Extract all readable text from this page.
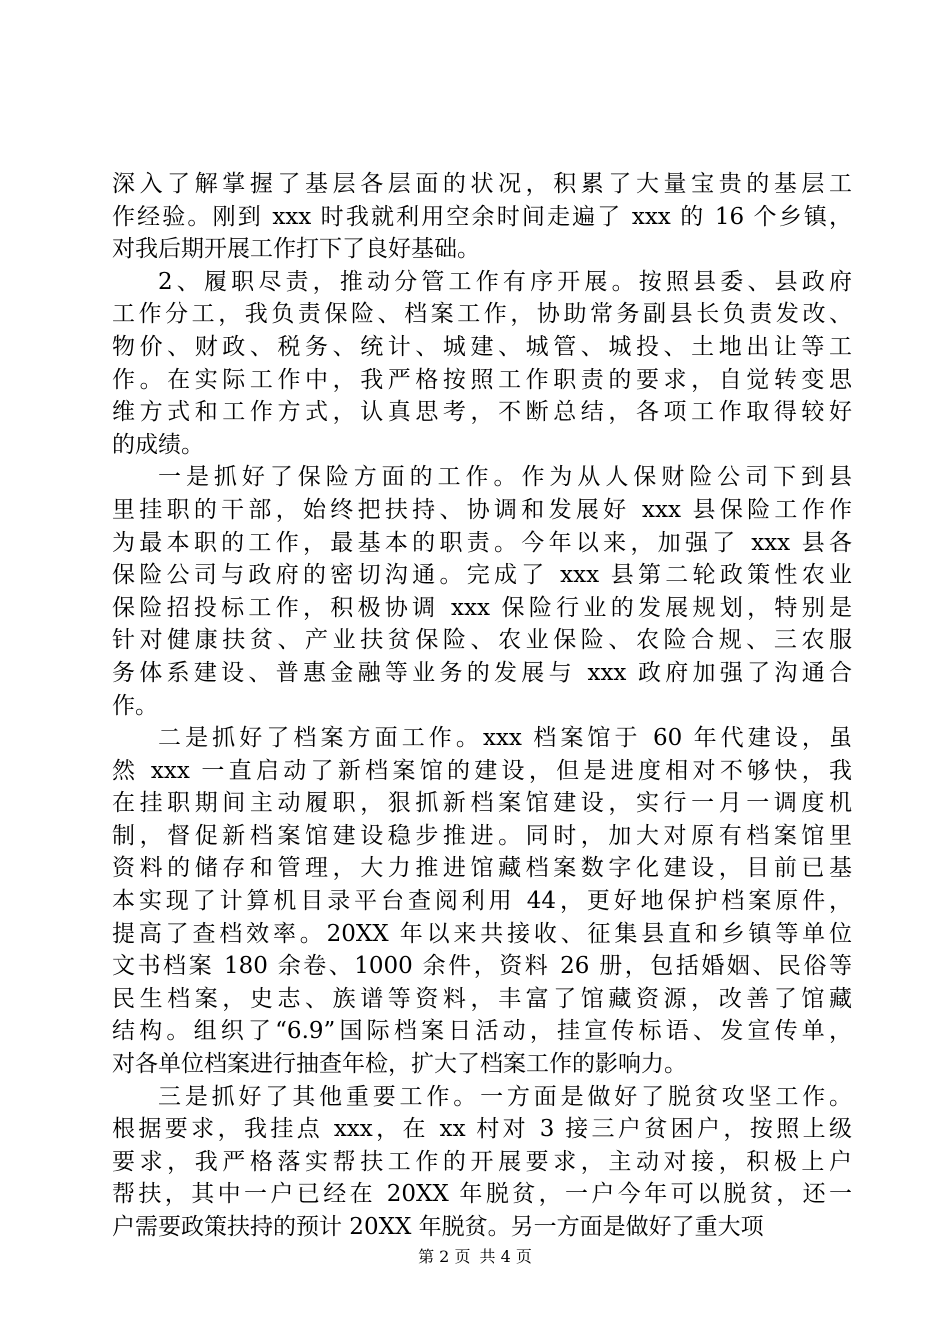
深入了解掌握了基层各层面的状况，积累了大量宝贵的基层工
作经验。刚到 xxx 时我就利用空余时间走遍了 xxx 的 16 个乡镇，
对我后期开展工作打下了良好基础。
2、履职尽责，推动分管工作有序开展。按照县委、县政府
工作分工，我负责保险、档案工作，协助常务副县长负责发改、
物价、财政、税务、统计、城建、城管、城投、土地出让等工
作。在实际工作中，我严格按照工作职责的要求，自觉转变思
维方式和工作方式，认真思考，不断总结，各项工作取得较好
的成绩。
一是抓好了保险方面的工作。作为从人保财险公司下到县
里挂职的干部，始终把扶持、协调和发展好 xxx 县保险工作作
为最本职的工作，最基本的职责。今年以来，加强了 xxx 县各
保险公司与政府的密切沟通。完成了 xxx 县第二轮政策性农业
保险招投标工作，积极协调 xxx 保险行业的发展规划，特别是
针对健康扶贫、产业扶贫保险、农业保险、农险合规、三农服
务体系建设、普惠金融等业务的发展与 xxx 政府加强了沟通合
作。
二是抓好了档案方面工作。xxx 档案馆于 60 年代建设，虽
然 xxx 一直启动了新档案馆的建设，但是进度相对不够快，我
在挂职期间主动履职，狠抓新档案馆建设，实行一月一调度机
制，督促新档案馆建设稳步推进。同时，加大对原有档案馆里
资料的储存和管理，大力推进馆藏档案数字化建设，目前已基
本实现了计算机目录平台查阅利用 44，更好地保护档案原件，
提高了查档效率。20XX 年以来共接收、征集县直和乡镇等单位
文书档案 180 余卷、1000 余件，资料 26 册，包括婚姻、民俗等
民生档案，史志、族谱等资料，丰富了馆藏资源，改善了馆藏
结构。组织了“6.9”国际档案日活动，挂宣传标语、发宣传单，
对各单位档案进行抽查年检，扩大了档案工作的影响力。
三是抓好了其他重要工作。一方面是做好了脱贫攻坚工作。
根据要求，我挂点 xxx，在 xx 村对 3 接三户贫困户，按照上级
要求，我严格落实帮扶工作的开展要求，主动对接，积极上户
帮扶，其中一户已经在 20XX 年脱贫，一户今年可以脱贫，还一
户需要政策扶持的预计 20XX 年脱贫。另一方面是做好了重大项
第 2 页 共 4 页
